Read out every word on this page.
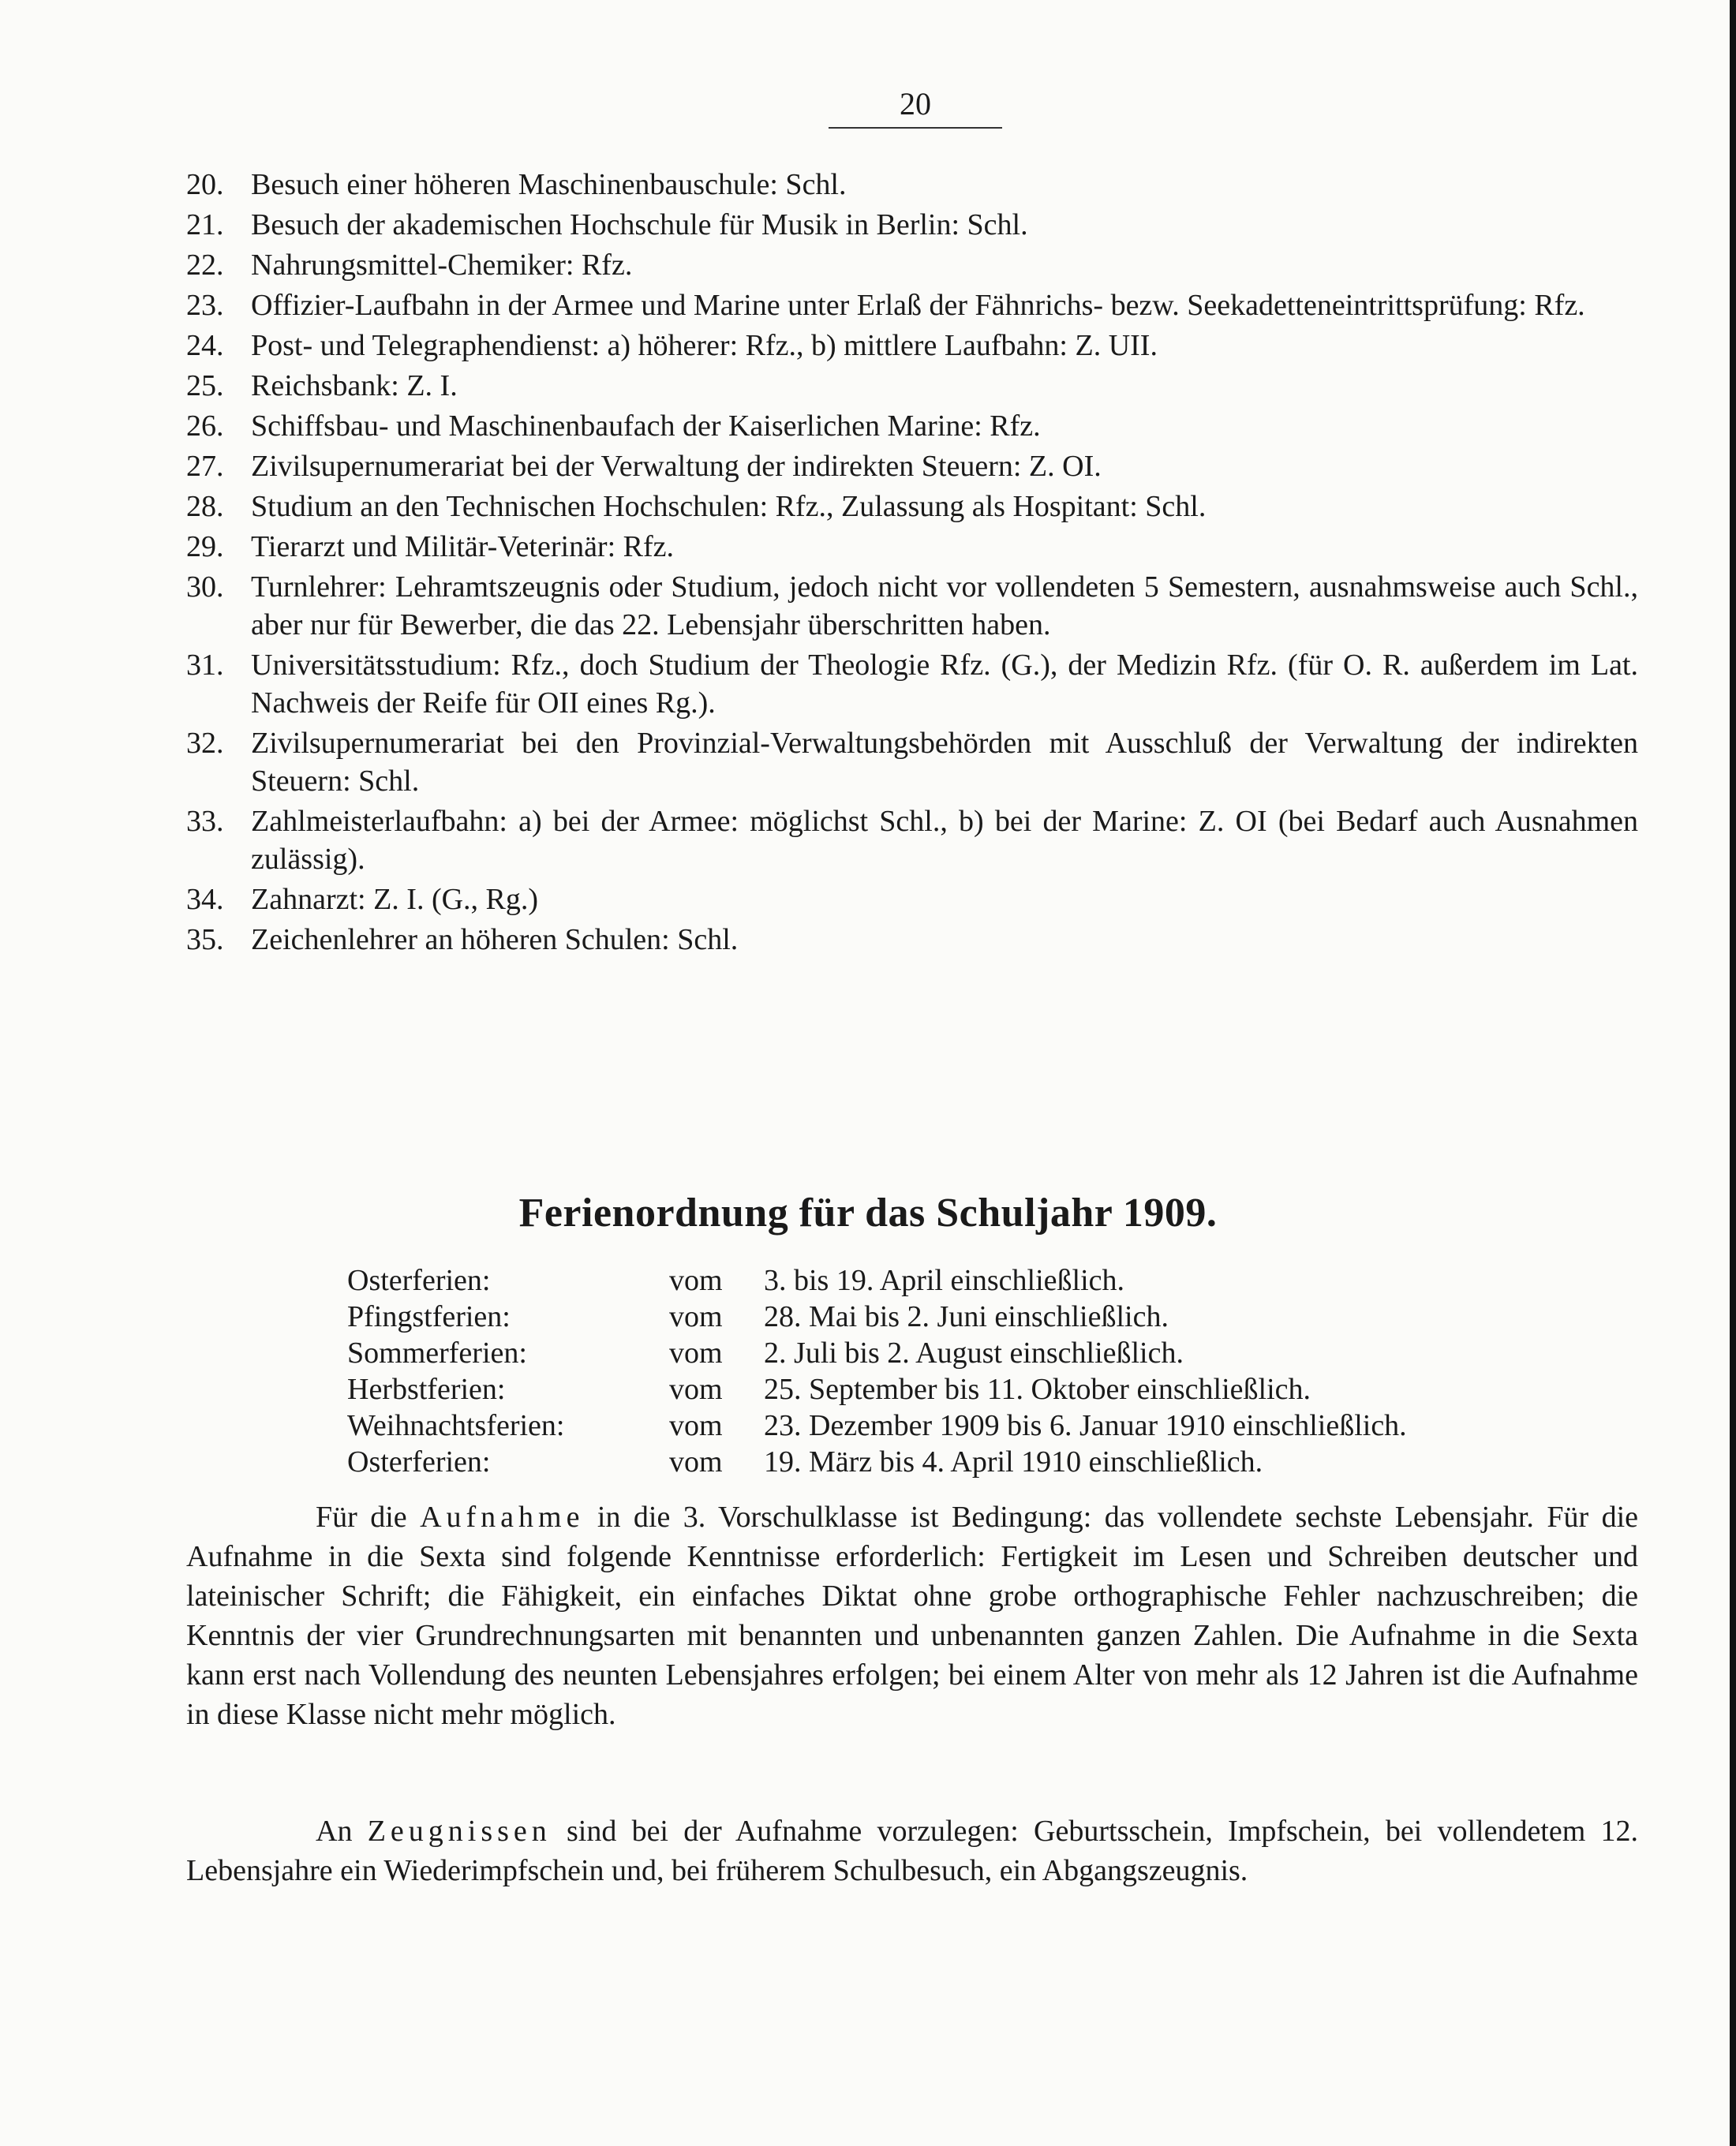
20
20. Besuch einer höheren Maschinenbauschule: Schl.
21. Besuch der akademischen Hochschule für Musik in Berlin: Schl.
22. Nahrungsmittel-Chemiker: Rfz.
23. Offizier-Laufbahn in der Armee und Marine unter Erlaß der Fähnrichs- bezw. Seekadetteneintrittsprüfung: Rfz.
24. Post- und Telegraphendienst: a) höherer: Rfz., b) mittlere Laufbahn: Z. UII.
25. Reichsbank: Z. I.
26. Schiffsbau- und Maschinenbaufach der Kaiserlichen Marine: Rfz.
27. Zivilsupernumerariat bei der Verwaltung der indirekten Steuern: Z. OI.
28. Studium an den Technischen Hochschulen: Rfz., Zulassung als Hospitant: Schl.
29. Tierarzt und Militär-Veterinär: Rfz.
30. Turnlehrer: Lehramtszeugnis oder Studium, jedoch nicht vor vollendeten 5 Semestern, ausnahmsweise auch Schl., aber nur für Bewerber, die das 22. Lebensjahr überschritten haben.
31. Universitätsstudium: Rfz., doch Studium der Theologie Rfz. (G.), der Medizin Rfz. (für O. R. außerdem im Lat. Nachweis der Reife für OII eines Rg.).
32. Zivilsupernumerariat bei den Provinzial-Verwaltungsbehörden mit Ausschluß der Verwaltung der indirekten Steuern: Schl.
33. Zahlmeisterlaufbahn: a) bei der Armee: möglichst Schl., b) bei der Marine: Z. OI (bei Bedarf auch Ausnahmen zulässig).
34. Zahnarzt: Z. I. (G., Rg.)
35. Zeichenlehrer an höheren Schulen: Schl.
Ferienordnung für das Schuljahr 1909.
Osterferien:	vom	3. bis 19. April einschließlich.
Pfingstferien:	vom	28. Mai bis 2. Juni einschließlich.
Sommerferien:	vom	2. Juli bis 2. August einschließlich.
Herbstferien:	vom	25. September bis 11. Oktober einschließlich.
Weihnachtsferien:	vom	23. Dezember 1909 bis 6. Januar 1910 einschließlich.
Osterferien:	vom	19. März bis 4. April 1910 einschließlich.

Für die Aufnahme in die 3. Vorschulklasse ist Bedingung: das vollendete sechste Lebensjahr. Für die Aufnahme in die Sexta sind folgende Kenntnisse erforderlich: Fertigkeit im Lesen und Schreiben deutscher und lateinischer Schrift; die Fähigkeit, ein einfaches Diktat ohne grobe orthographische Fehler nachzuschreiben; die Kenntnis der vier Grundrechnungsarten mit benannten und unbenannten ganzen Zahlen. Die Aufnahme in die Sexta kann erst nach Vollendung des neunten Lebensjahres erfolgen; bei einem Alter von mehr als 12 Jahren ist die Aufnahme in diese Klasse nicht mehr möglich.

An Zeugnissen sind bei der Aufnahme vorzulegen: Geburtsschein, Impfschein, bei vollendetem 12. Lebensjahre ein Wiederimpfschein und, bei früherem Schulbesuch, ein Abgangszeugnis.
